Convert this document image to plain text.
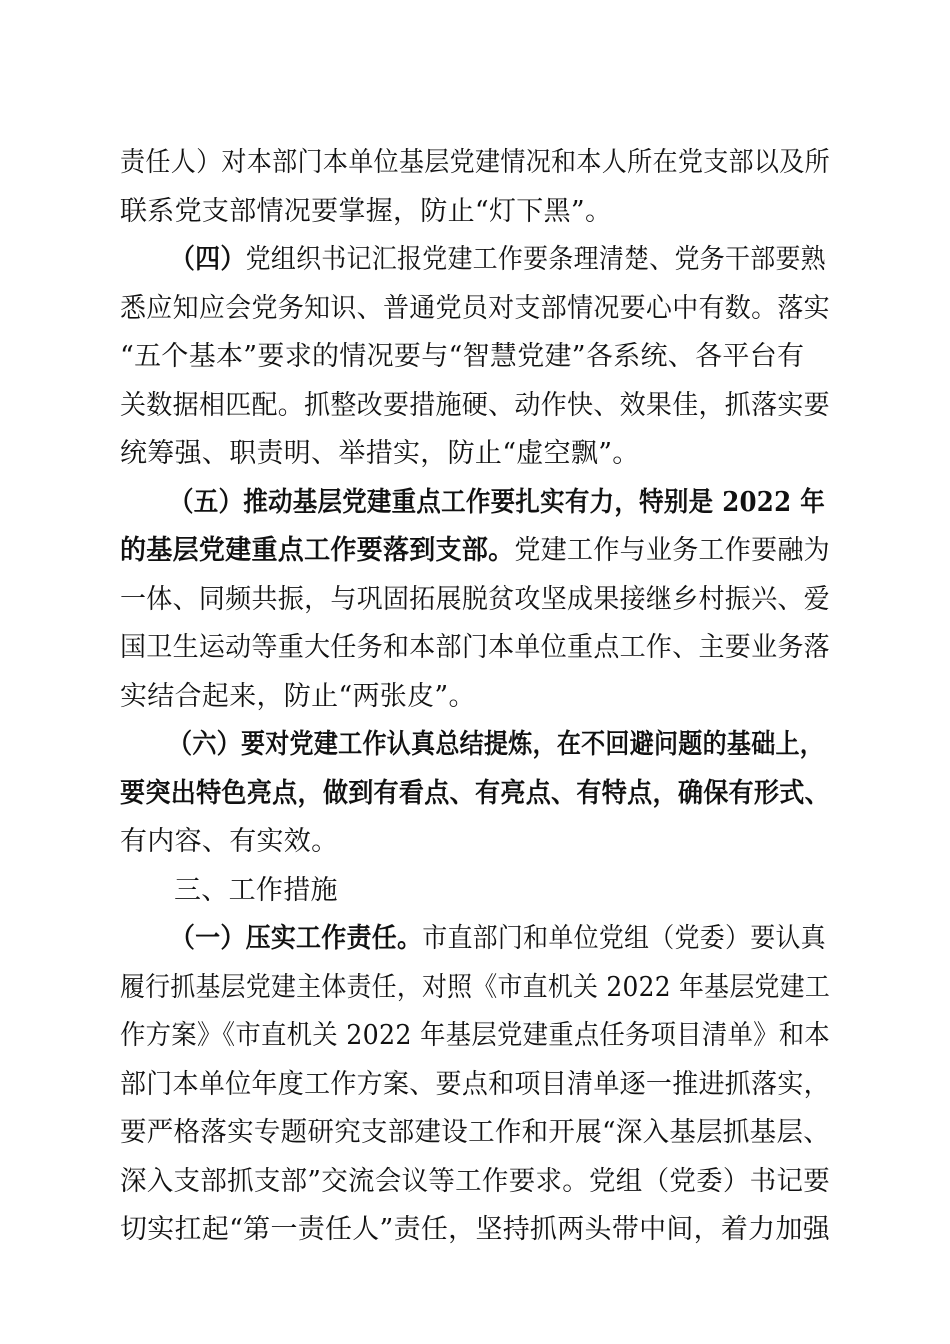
责任人）对本部门本单位基层党建情况和本人所在党支部以及所
联系党支部情况要掌握，防止“灯下黑”。
（四）党组织书记汇报党建工作要条理清楚、党务干部要熟
悉应知应会党务知识、普通党员对支部情况要心中有数。落实
“五个基本”要求的情况要与“智慧党建”各系统、各平台有
关数据相匹配。抓整改要措施硬、动作快、效果佳，抓落实要
统筹强、职责明、举措实，防止“虚空飘”。
（五）推动基层党建重点工作要扎实有力，特别是 2022 年
的基层党建重点工作要落到支部。党建工作与业务工作要融为
一体、同频共振，与巩固拓展脱贫攻坚成果接继乡村振兴、爱
国卫生运动等重大任务和本部门本单位重点工作、主要业务落
实结合起来，防止“两张皮”。
（六）要对党建工作认真总结提炼，在不回避问题的基础上，
要突出特色亮点，做到有看点、有亮点、有特点，确保有形式、
有内容、有实效。
三、工作措施
（一）压实工作责任。市直部门和单位党组（党委）要认真
履行抓基层党建主体责任，对照《市直机关 2022 年基层党建工
作方案》《市直机关 2022 年基层党建重点任务项目清单》和本
部门本单位年度工作方案、要点和项目清单逐一推进抓落实，
要严格落实专题研究支部建设工作和开展“深入基层抓基层、
深入支部抓支部”交流会议等工作要求。党组（党委）书记要
切实扛起“第一责任人”责任，坚持抓两头带中间，着力加强
